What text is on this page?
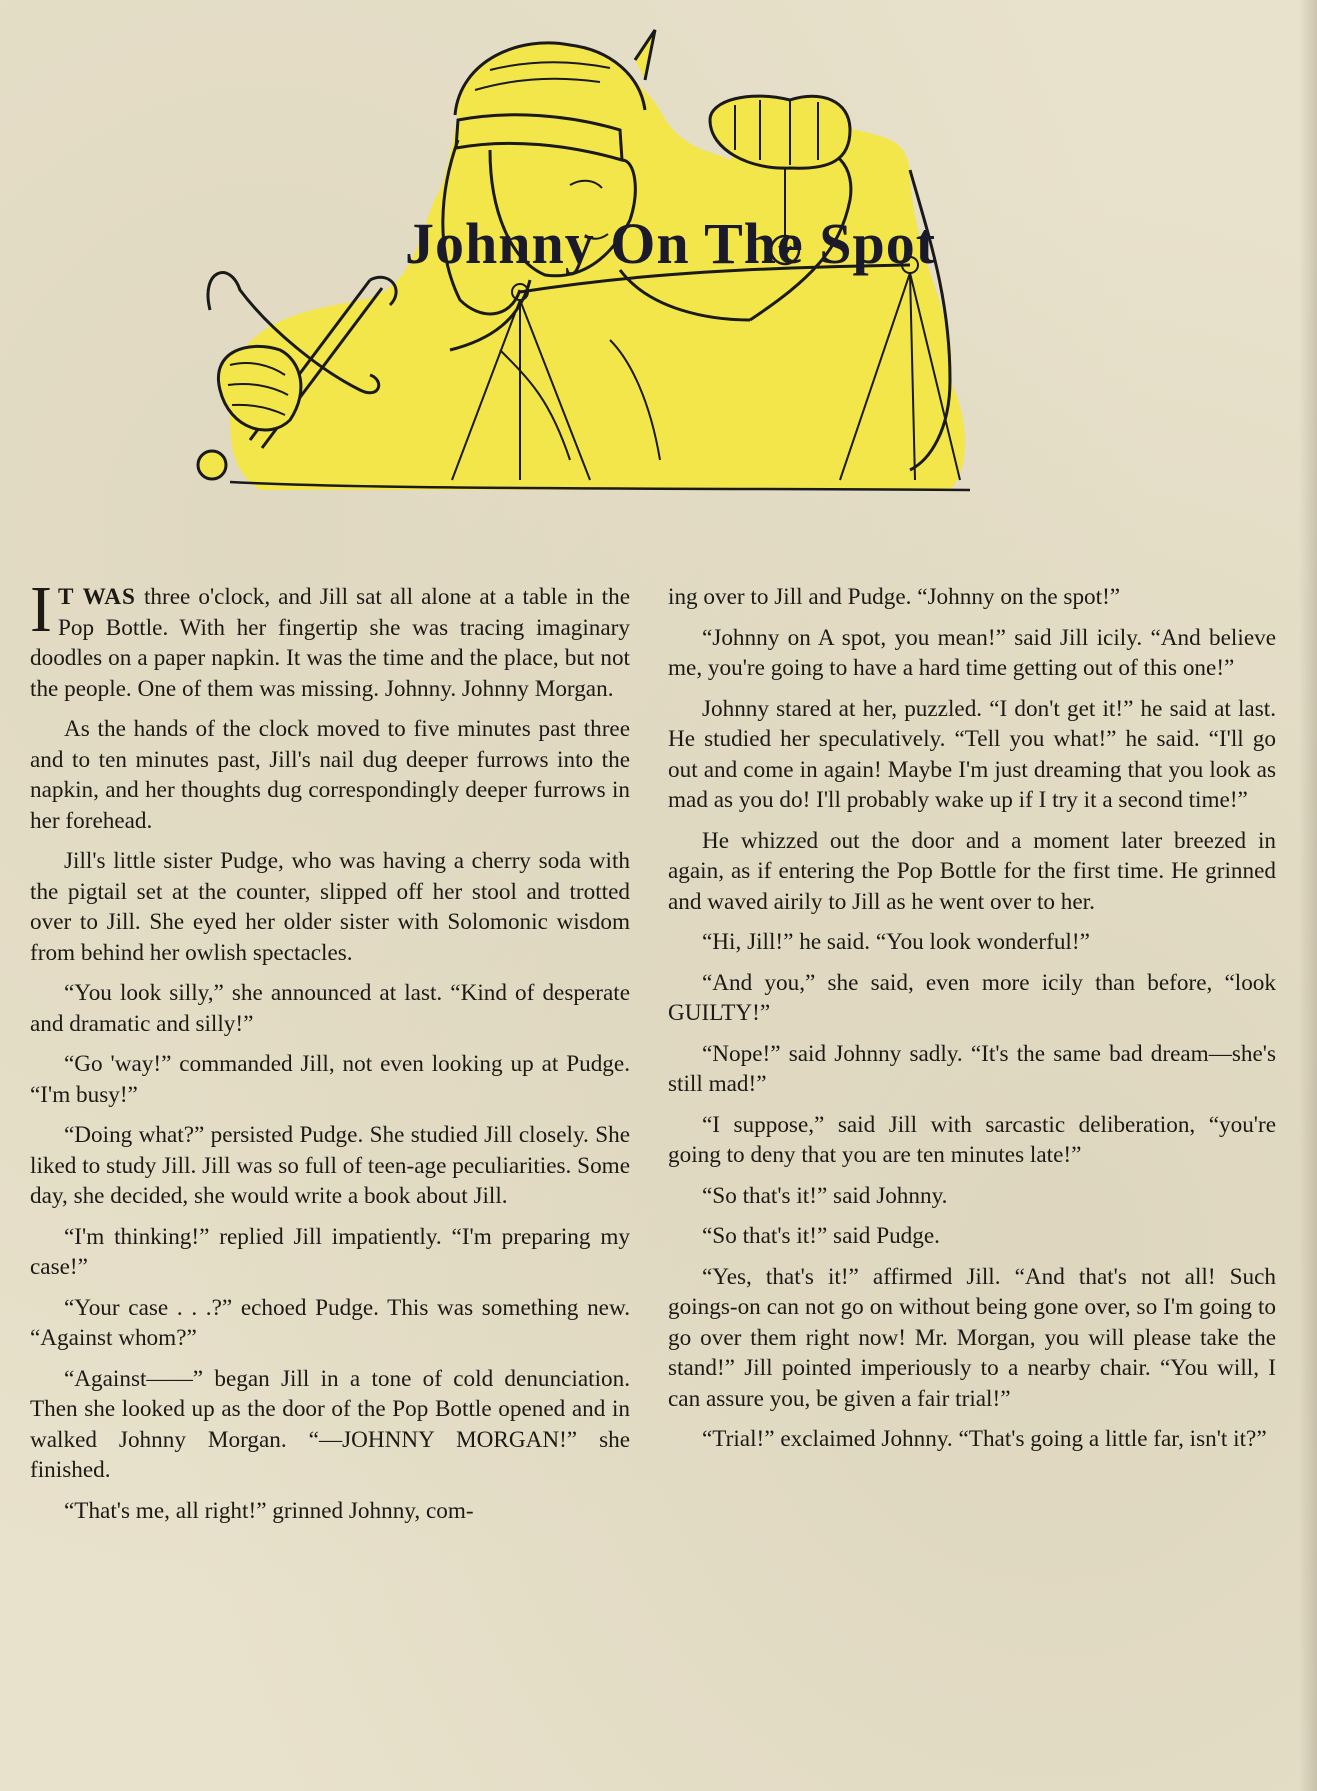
Johnny On The Spot

I T WAS three o'clock, and Jill sat all alone at a table in the Pop Bottle. With her fingertip she was tracing imaginary doodles on a paper napkin. It was the time and the place, but not the people. One of them was missing. Johnny. Johnny Morgan.

As the hands of the clock moved to five minutes past three and to ten minutes past, Jill's nail dug deeper furrows into the napkin, and her thoughts dug correspondingly deeper furrows in her forehead.

Jill's little sister Pudge, who was having a cherry soda with the pigtail set at the counter, slipped off her stool and trotted over to Jill. She eyed her older sister with Solomonic wisdom from behind her owlish spectacles.

“You look silly,” she announced at last. “Kind of desperate and dramatic and silly!”

“Go 'way!” commanded Jill, not even looking up at Pudge. “I'm busy!”

“Doing what?” persisted Pudge. She studied Jill closely. She liked to study Jill. Jill was so full of teen-age peculiarities. Some day, she decided, she would write a book about Jill.

“I'm thinking!” replied Jill impatiently. “I'm preparing my case!”

“Your case . . .?” echoed Pudge. This was something new. “Against whom?”

“Against——” began Jill in a tone of cold denunciation. Then she looked up as the door of the Pop Bottle opened and in walked Johnny Morgan. “—JOHNNY MORGAN!” she finished.

“That's me, all right!” grinned Johnny, com-

ing over to Jill and Pudge. “Johnny on the spot!”

“Johnny on A spot, you mean!” said Jill icily. “And believe me, you're going to have a hard time getting out of this one!”

Johnny stared at her, puzzled. “I don't get it!” he said at last. He studied her speculatively. “Tell you what!” he said. “I'll go out and come in again! Maybe I'm just dreaming that you look as mad as you do! I'll probably wake up if I try it a second time!”

He whizzed out the door and a moment later breezed in again, as if entering the Pop Bottle for the first time. He grinned and waved airily to Jill as he went over to her.

“Hi, Jill!” he said. “You look wonderful!”

“And you,” she said, even more icily than before, “look GUILTY!”

“Nope!” said Johnny sadly. “It's the same bad dream—she's still mad!”

“I suppose,” said Jill with sarcastic deliberation, “you're going to deny that you are ten minutes late!”

“So that's it!” said Johnny.

“So that's it!” said Pudge.

“Yes, that's it!” affirmed Jill. “And that's not all! Such goings-on can not go on without being gone over, so I'm going to go over them right now! Mr. Morgan, you will please take the stand!” Jill pointed imperiously to a nearby chair. “You will, I can assure you, be given a fair trial!”

“Trial!” exclaimed Johnny. “That's going a little far, isn't it?”
